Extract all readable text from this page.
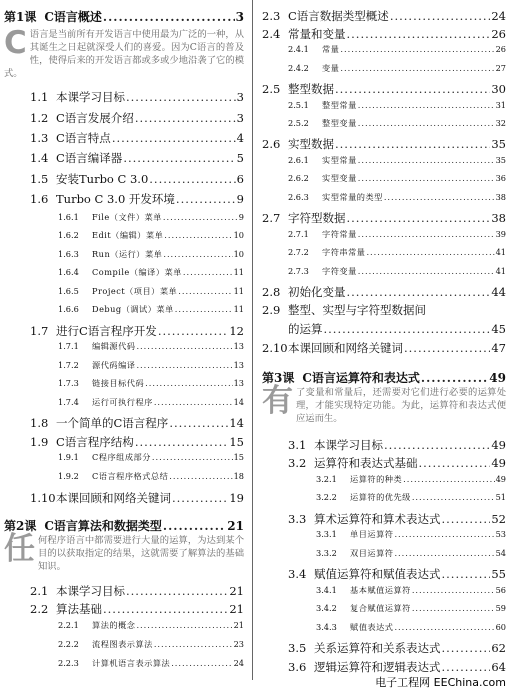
第1课 C语言概述 .....	3
C语言是当前所有开发语言中使用最为广泛的一种，从其诞生之日起就深受人们的喜爱。因为C语言的普及性，使得后来的开发语言都或多或少地沿袭了它的模式。
1.1 本课学习目标 .....	3
1.2 C语言发展介绍 .....	3
1.3 C语言特点 .....	4
1.4 C语言编译器 .....	5
1.5 安装Turbo C 3.0 .....	6
1.6 Turbo C 3.0 开发环境 .....	9
1.6.1	File（文件）菜单 .....	9
1.6.2	Edit（编辑）菜单 .....	10
1.6.3	Run（运行）菜单 .....	10
1.6.4	Compile（编译）菜单 .....	11
1.6.5	Project（项目）菜单 .....	11
1.6.6	Debug（调试）菜单 .....	11
1.7 进行C语言程序开发 .....	12
1.7.1	编辑源代码 .....	13
1.7.2	源代码编译 .....	13
1.7.3	链接目标代码 .....	13
1.7.4	运行可执行程序 .....	14
1.8 一个简单的C语言程序 .....	14
1.9 C语言程序结构 .....	15
1.9.1	C程序组成部分 .....	15
1.9.2	C语言程序格式总结 .....	18
1.10 本课回顾和网络关键词 .....	19
第2课 C语言算法和数据类型 .....	21
任何程序语言中都需要进行大量的运算，为达到某个目的以获取指定的结果，这就需要了解算法的基础知识。
2.1 本课学习目标 .....	21
2.2 算法基础 .....	21
2.2.1	算法的概念 .....	21
2.2.2	流程图表示算法 .....	23
2.2.3	计算机语言表示算法 .....	24
2.3 C语言数据类型概述 .....	24
2.4 常量和变量 .....	26
2.4.1	常量 .....	26
2.4.2	变量 .....	27
2.5 整型数据 .....	30
2.5.1	整型常量 .....	31
2.5.2	整型变量 .....	32
2.6 实型数据 .....	35
2.6.1	实型常量 .....	35
2.6.2	实型变量 .....	36
2.6.3	实型常量的类型 .....	38
2.7 字符型数据 .....	38
2.7.1	字符常量 .....	39
2.7.2	字符串常量 .....	41
2.7.3	字符变量 .....	41
2.8 初始化变量 .....	44
2.9 整型、实型与字符型数据间
的运算 .....	45
2.10 本课回顾和网络关键词 .....	47
第3课 C语言运算符和表达式 .....	49
有了变量和常量后，还需要对它们进行必要的运算处理，才能实现特定功能。为此，运算符和表达式便应运而生。
3.1 本课学习目标 .....	49
3.2 运算符和表达式基础 .....	49
3.2.1	运算符的种类 .....	49
3.2.2	运算符的优先级 .....	51
3.3 算术运算符和算术表达式 .....	52
3.3.1	单目运算符 .....	53
3.3.2	双目运算符 .....	54
3.4 赋值运算符和赋值表达式 .....	55
3.4.1	基本赋值运算符 .....	56
3.4.2	复合赋值运算符 .....	59
3.4.3	赋值表达式 .....	60
3.5 关系运算符和关系表达式 .....	62
3.6 逻辑运算符和逻辑表达式 .....	64
电子工程网 EEChina.com
